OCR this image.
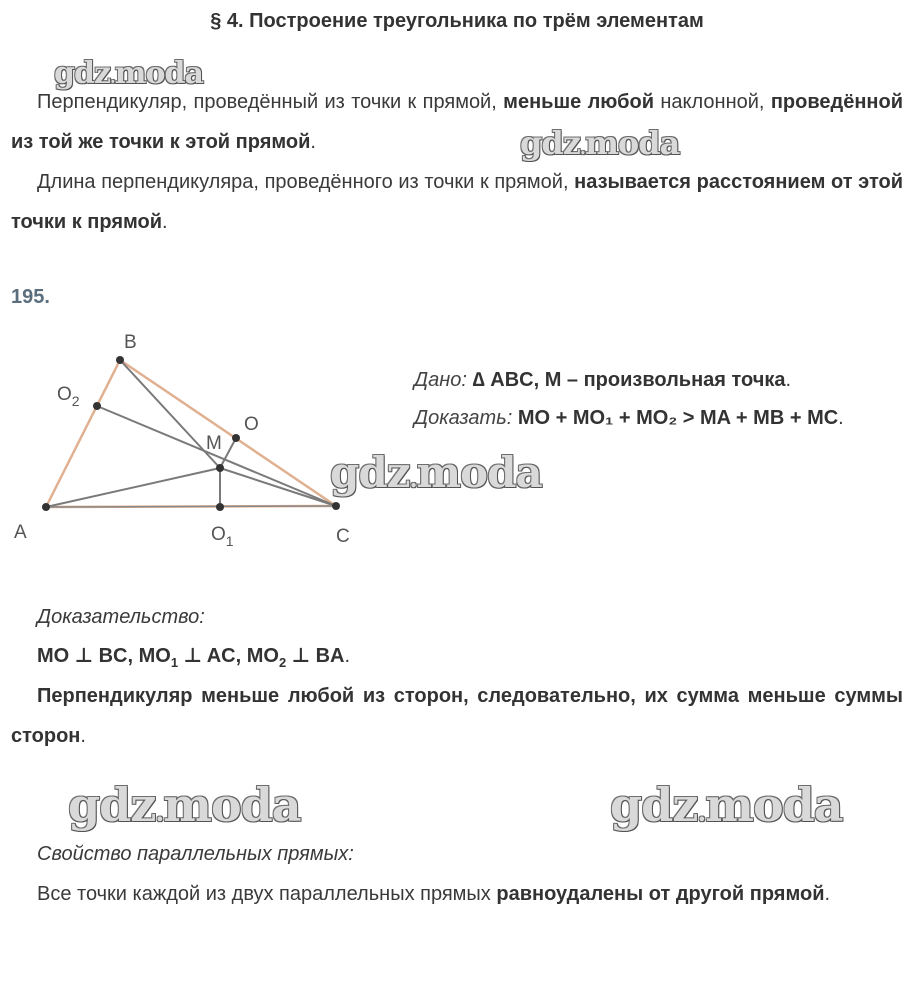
§ 4. Построение треугольника по трём элементам
gdz.moda
gdz.moda
gdz.moda
gdz.moda	gdz.moda
Перпендикуляр, проведённый из точки к прямой, меньше любой наклонной, проведённой из той же точки к этой прямой.
Длина перпендикуляра, проведённого из точки к прямой, называется расстоянием от этой точки к прямой.
195.
A
B
C
M
O
$O_1$
$O_2$
Дано: ∆ ABC, M – произвольная точка.
Доказать: MO + MO₁ + MO₂ > MA + MB + MC.
Доказательство:
MO ⊥ BC, $MO_1$ ⊥ AC, $MO_2$ ⊥ BA.
Перпендикуляр меньше любой из сторон, следовательно, их сумма меньше суммы сторон.
Свойство параллельных прямых:
Все точки каждой из двух параллельных прямых равноудалены от другой прямой.
